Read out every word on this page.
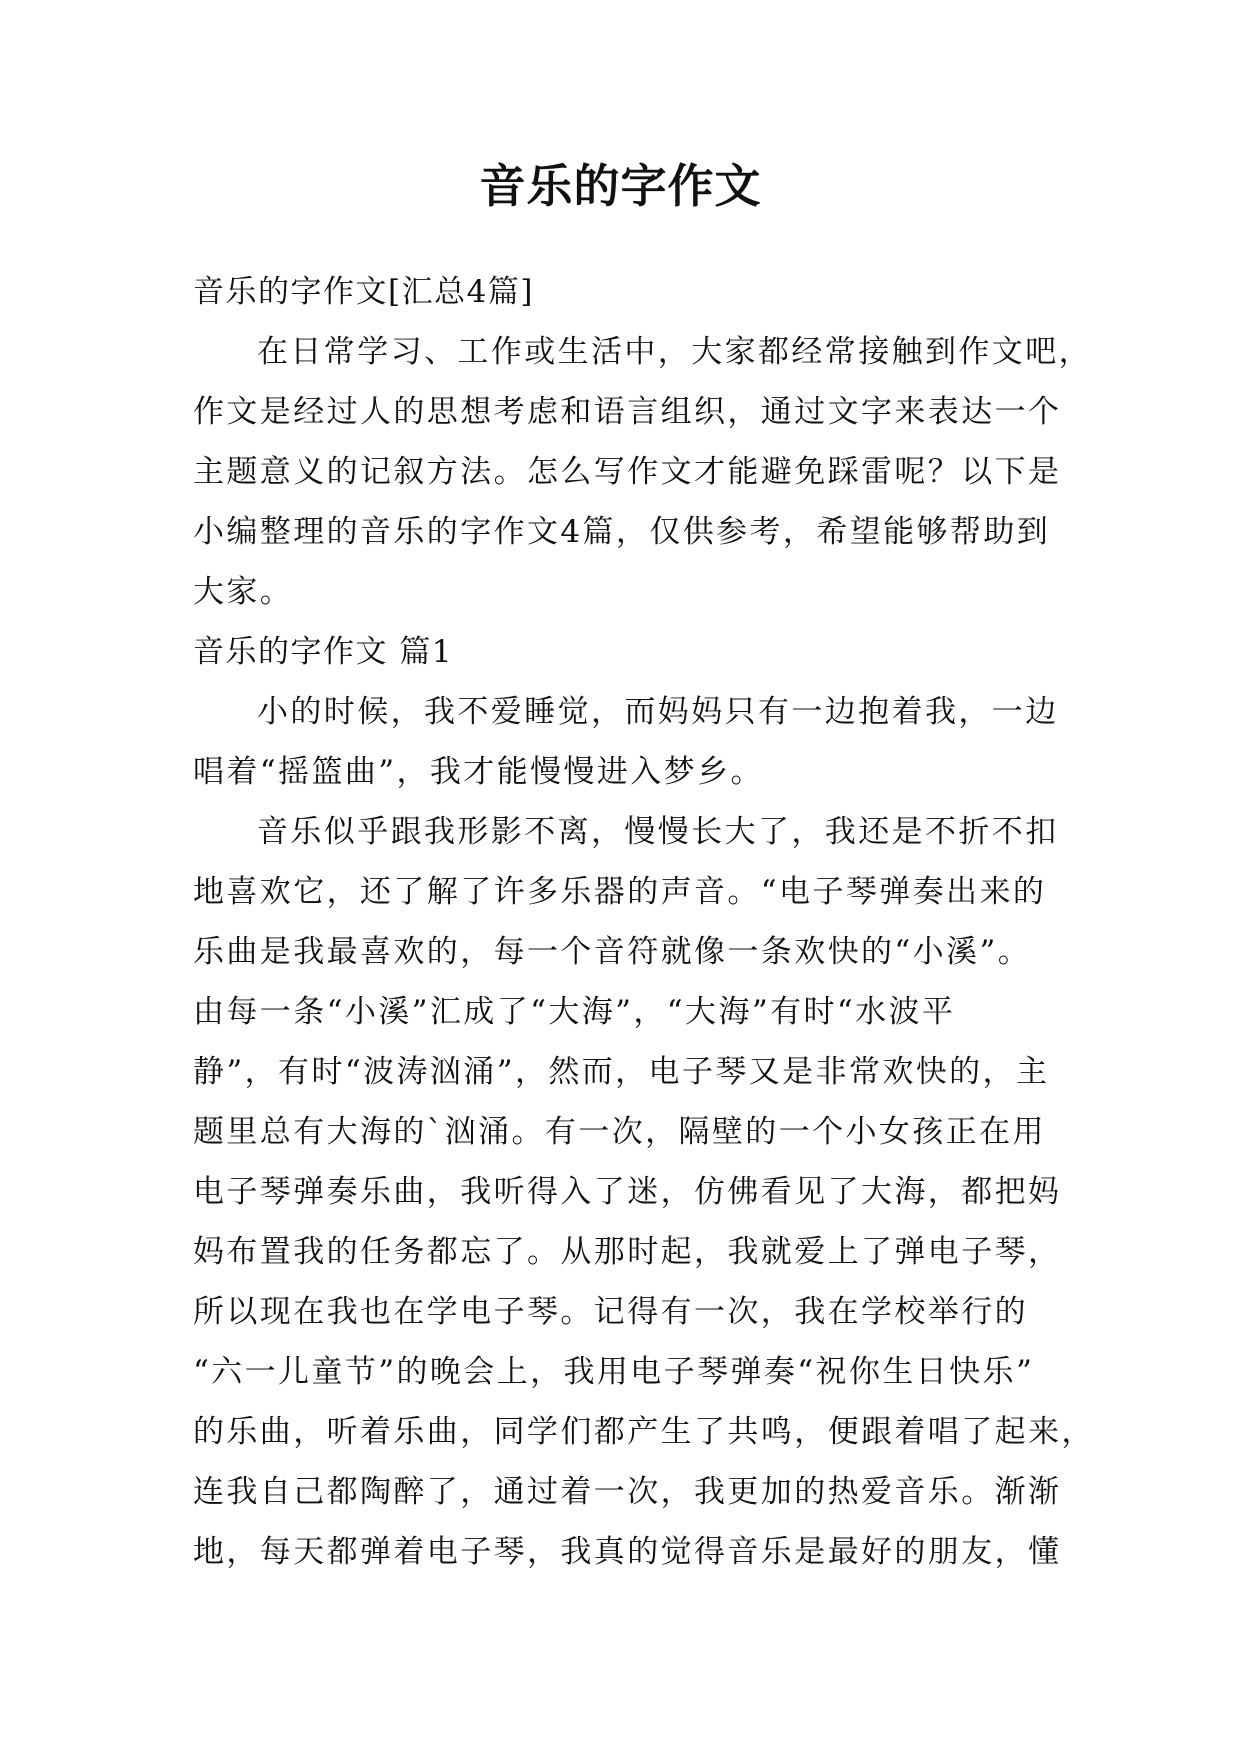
音乐的字作文
音乐的字作文[汇总4篇]
在日常学习、工作或生活中，大家都经常接触到作文吧，
作文是经过人的思想考虑和语言组织，通过文字来表达一个
主题意义的记叙方法。怎么写作文才能避免踩雷呢？以下是
小编整理的音乐的字作文4篇，仅供参考，希望能够帮助到
大家。
音乐的字作文 篇1
小的时候，我不爱睡觉，而妈妈只有一边抱着我，一边
唱着“摇篮曲”，我才能慢慢进入梦乡。
音乐似乎跟我形影不离，慢慢长大了，我还是不折不扣
地喜欢它，还了解了许多乐器的声音。“电子琴弹奏出来的
乐曲是我最喜欢的，每一个音符就像一条欢快的“小溪”。
由每一条“小溪”汇成了“大海”，“大海”有时“水波平
静”，有时“波涛汹涌”，然而，电子琴又是非常欢快的，主
题里总有大海的`汹涌。有一次，隔壁的一个小女孩正在用
电子琴弹奏乐曲，我听得入了迷，仿佛看见了大海，都把妈
妈布置我的任务都忘了。从那时起，我就爱上了弹电子琴，
所以现在我也在学电子琴。记得有一次，我在学校举行的
“六一儿童节”的晚会上，我用电子琴弹奏“祝你生日快乐”
的乐曲，听着乐曲，同学们都产生了共鸣，便跟着唱了起来，
连我自己都陶醉了，通过着一次，我更加的热爱音乐。渐渐
地，每天都弹着电子琴，我真的觉得音乐是最好的朋友，懂
